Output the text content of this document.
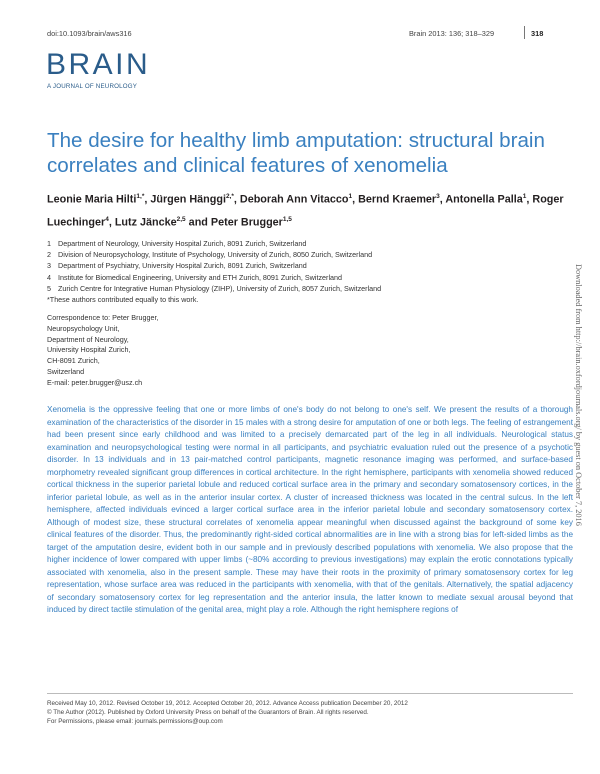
doi:10.1093/brain/aws316	Brain 2013: 136; 318–329	318
BRAIN
A JOURNAL OF NEUROLOGY
The desire for healthy limb amputation: structural brain correlates and clinical features of xenomelia

Leonie Maria Hilti$^{1,*}$, Jürgen Hänggi$^{2,*}$, Deborah Ann Vitacco$^1$, Bernd Kraemer$^3$, Antonella Palla$^1$, Roger Luechinger$^4$, Lutz Jäncke$^{2,5}$ and Peter Brugger$^{1,5}$

1 Department of Neurology, University Hospital Zurich, 8091 Zurich, Switzerland
2 Division of Neuropsychology, Institute of Psychology, University of Zurich, 8050 Zurich, Switzerland
3 Department of Psychiatry, University Hospital Zurich, 8091 Zurich, Switzerland
4 Institute for Biomedical Engineering, University and ETH Zurich, 8091 Zurich, Switzerland
5 Zurich Centre for Integrative Human Physiology (ZIHP), University of Zurich, 8057 Zurich, Switzerland
*These authors contributed equally to this work.
Correspondence to: Peter Brugger,
Neuropsychology Unit,
Department of Neurology,
University Hospital Zurich,
CH-8091 Zurich,
Switzerland
E-mail: peter.brugger@usz.ch	Downloaded from http://brain.oxfordjournals.org/ by guest on October 7, 2016

Xenomelia is the oppressive feeling that one or more limbs of one's body do not belong to one's self. We present the results of a thorough examination of the characteristics of the disorder in 15 males with a strong desire for amputation of one or both legs. The feeling of estrangement had been present since early childhood and was limited to a precisely demarcated part of the leg in all individuals. Neurological status examination and neuropsychological testing were normal in all participants, and psychiatric evaluation ruled out the presence of a psychotic disorder. In 13 individuals and in 13 pair-matched control participants, magnetic resonance imaging was performed, and surface-based morphometry revealed significant group differences in cortical architecture. In the right hemisphere, participants with xenomelia showed reduced cortical thickness in the superior parietal lobule and reduced cortical surface area in the primary and secondary somatosensory cortices, in the inferior parietal lobule, as well as in the anterior insular cortex. A cluster of increased thickness was located in the central sulcus. In the left hemisphere, affected individuals evinced a larger cortical surface area in the inferior parietal lobule and secondary somatosensory cortex. Although of modest size, these structural correlates of xenomelia appear meaningful when discussed against the background of some key clinical features of the disorder. Thus, the predominantly right-sided cortical abnormalities are in line with a strong bias for left-sided limbs as the target of the amputation desire, evident both in our sample and in previously described populations with xenomelia. We also propose that the higher incidence of lower compared with upper limbs (~80% according to previous investigations) may explain the erotic connotations typically associated with xenomelia, also in the present sample. These may have their roots in the proximity of primary somatosensory cortex for leg representation, whose surface area was reduced in the participants with xenomelia, with that of the genitals. Alternatively, the spatial adjacency of secondary somatosensory cortex for leg representation and the anterior insula, the latter known to mediate sexual arousal beyond that induced by direct tactile stimulation of the genital area, might play a role. Although the right hemisphere regions of

Received May 10, 2012. Revised October 19, 2012. Accepted October 20, 2012. Advance Access publication December 20, 2012
© The Author (2012). Published by Oxford University Press on behalf of the Guarantors of Brain. All rights reserved.
For Permissions, please email: journals.permissions@oup.com
